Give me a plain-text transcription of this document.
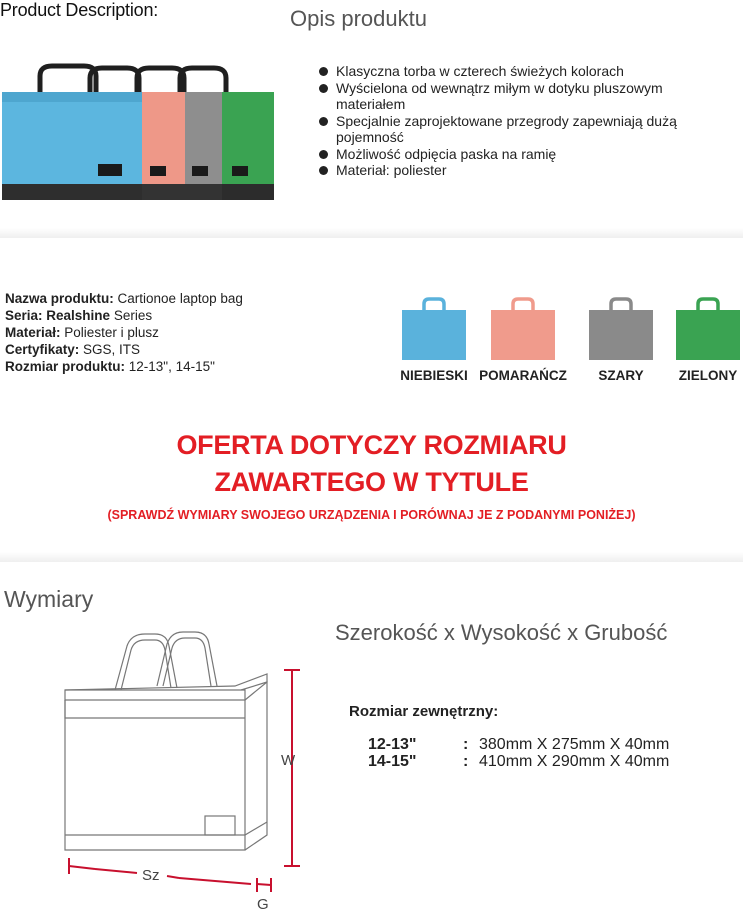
Product Description:	Opis produktu
Klasyczna torba w czterech świeżych kolorach
Wyścielona od wewnątrz miłym w dotyku pluszowym materiałem
Specjalnie zaprojektowane przegrody zapewniają dużą pojemność
Możliwość odpięcia paska na ramię
Materiał: poliester
Nazwa produktu: Cartionoe laptop bag
Seria: Realshine Series
Materiał: Poliester i plusz
Certyfikaty: SGS, ITS
Rozmiar produktu: 12-13", 14-15"
NIEBIESKI POMARAŃCZ	SZARY	ZIELONY
OFERTA DOTYCZY ROZMIARU
ZAWARTEGO W TYTULE
(SPRAWDŹ WYMIARY SWOJEGO URZĄDZENIA I PORÓWNAJ JE Z PODANYMI PONIŻEJ)
Wymiary
Szerokość x Wysokość x Grubość
W
Sz
G
Rozmiar zewnętrzny:
12-13"	: 380mm X 275mm X 40mm
14-15"	: 410mm X 290mm X 40mm
